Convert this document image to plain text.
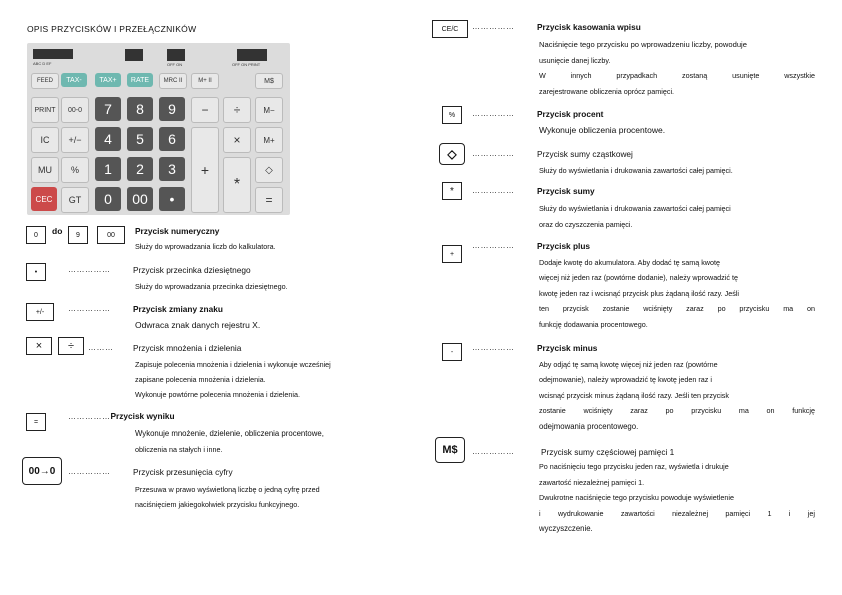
OPIS PRZYCISKÓW I PRZEŁĄCZNIKÓW
ABC D EF	OFF ON	OFF ON PRINT
FEED	TAX-	TAX+	RATE	MRC II	M+ II	M$
PRINT	00-0	7	8	9	−	÷	M−
IC	+/−	4	5	6	×	M+
MU	%	1	2	3	+	◇
CEC	GT	0	00	•
*
=
0	do	9	00	Przycisk numeryczny
Służy do wprowadzania liczb do kalkulatora.
•	……………	Przycisk przecinka dziesiętnego
Służy do wprowadzania przecinka dziesiętnego.
+/-	……………	Przycisk zmiany znaku
Odwraca znak danych rejestru X.
×	÷	……… Przycisk mnożenia i dzielenia
Zapisuje polecenia mnożenia i dzielenia i wykonuje wcześniej
zapisane polecenia mnożenia i dzielenia.
Wykonuje powtórne polecenia mnożenia i dzielenia.
=
……………Przycisk wyniku
Wykonuje mnożenie, dzielenie, obliczenia procentowe,
obliczenia na stałych i inne.
00→0	……………	Przycisk przesunięcia cyfry
Przesuwa w prawo wyświetloną liczbę o jedną cyfrę przed
naciśnięciem jakiegokolwiek przycisku funkcyjnego.
CE/C	……………	Przycisk kasowania wpisu
Naciśnięcie tego przycisku po wprowadzeniu liczby, powoduje
usunięcie danej liczby.
W innych przypadkach zostaną usunięte wszystkie
zarejestrowane obliczenia oprócz pamięci.
%	……………	Przycisk procent
Wykonuje obliczenia procentowe.
◇	……………	Przycisk sumy cząstkowej
Służy do wyświetlania i drukowania zawartości całej pamięci.
*	……………	Przycisk sumy
Służy do wyświetlania i drukowania zawartości całej pamięci
oraz do czyszczenia pamięci.
+
……………	Przycisk plus
Dodaje kwotę do akumulatora. Aby dodać tę samą kwotę
więcej niż jeden raz (powtórne dodanie), należy wprowadzić tę
kwotę jeden raz i wcisnąć przycisk plus żądaną ilość razy. Jeśli
ten przycisk zostanie wciśnięty zaraz po przycisku ma on
funkcję dodawania procentowego.
-	……………	Przycisk minus
Aby odjąć tę samą kwotę więcej niż jeden raz (powtórne
odejmowanie), należy wprowadzić tę kwotę jeden raz i
wcisnąć przycisk minus żądaną ilość razy. Jeśli ten przycisk
zostanie wciśnięty zaraz po przycisku ma on funkcję
odejmowania procentowego.
M$	……………	Przycisk sumy częściowej pamięci 1
Po naciśnięciu tego przycisku jeden raz, wyświetla i drukuje
zawartość niezależnej pamięci 1.
Dwukrotne naciśnięcie tego przycisku powoduje wyświetlenie
i wydrukowanie zawartości niezależnej pamięci 1 i jej
wyczyszczenie.
